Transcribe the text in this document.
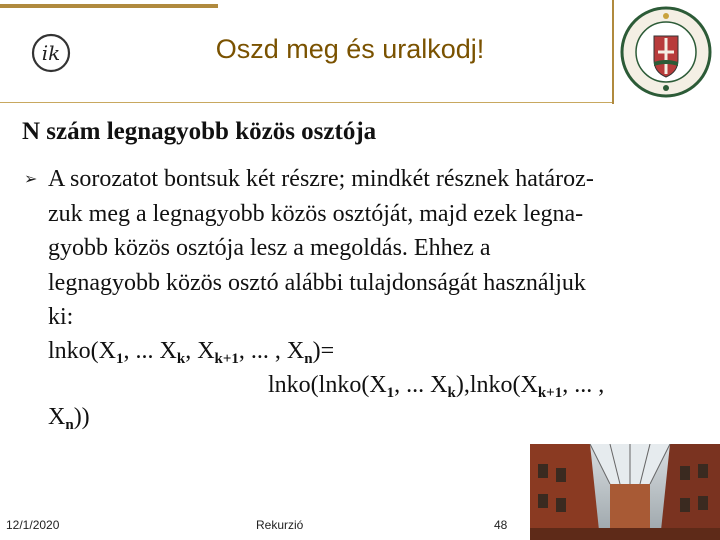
ik	Oszd meg és uralkodj!
N szám legnagyobb közös osztója
➢ A sorozatot bontsuk két részre; mindkét résznek határoz-
zuk meg a legnagyobb közös osztóját, majd ezek legna-
gyobb közös osztója lesz a megoldás. Ehhez a
legnagyobb közös osztó alábbi tulajdonságát használjuk
ki:
$lnko(X_1$, ... $X_k$, $X_{k+1}$, ... , $X_n)=$
$lnko(lnko(X_1$, ... $X_k),lnko(X_{k+1}$, ... ,
$X_n$))
12/1/2020	Rekurzió	48
